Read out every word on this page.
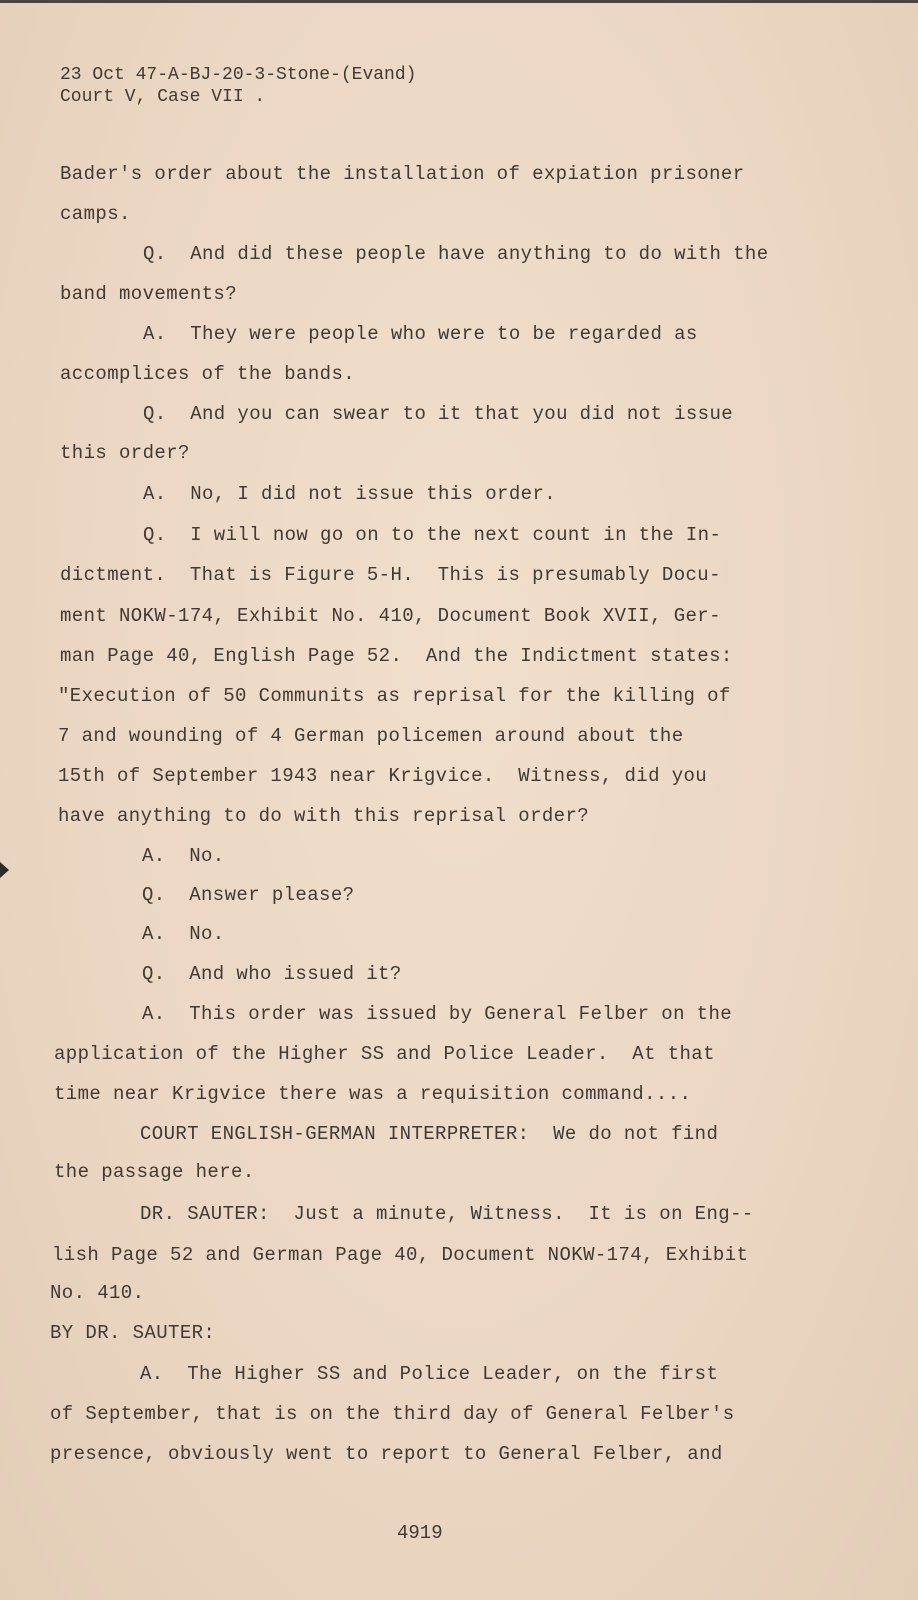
23 Oct 47-A-BJ-20-3-Stone-(Evand)
Court V, Case VII .
Bader's order about the installation of expiation prisoner
camps.
Q.  And did these people have anything to do with the
band movements?
A.  They were people who were to be regarded as
accomplices of the bands.
Q.  And you can swear to it that you did not issue
this order?
A.  No, I did not issue this order.
Q.  I will now go on to the next count in the In-
dictment.  That is Figure 5-H.  This is presumably Docu-
ment NOKW-174, Exhibit No. 410, Document Book XVII, Ger-
man Page 40, English Page 52.  And the Indictment states:
"Execution of 50 Communits as reprisal for the killing of
7 and wounding of 4 German policemen around about the
15th of September 1943 near Krigvice.  Witness, did you
have anything to do with this reprisal order?
A.  No.
Q.  Answer please?
A.  No.
Q.  And who issued it?
A.  This order was issued by General Felber on the
application of the Higher SS and Police Leader.  At that
time near Krigvice there was a requisition command....
COURT ENGLISH-GERMAN INTERPRETER:  We do not find
the passage here.
DR. SAUTER:  Just a minute, Witness.  It is on Eng--
lish Page 52 and German Page 40, Document NOKW-174, Exhibit
No. 410.
BY DR. SAUTER:
A.  The Higher SS and Police Leader, on the first
of September, that is on the third day of General Felber's
presence, obviously went to report to General Felber, and
4919
